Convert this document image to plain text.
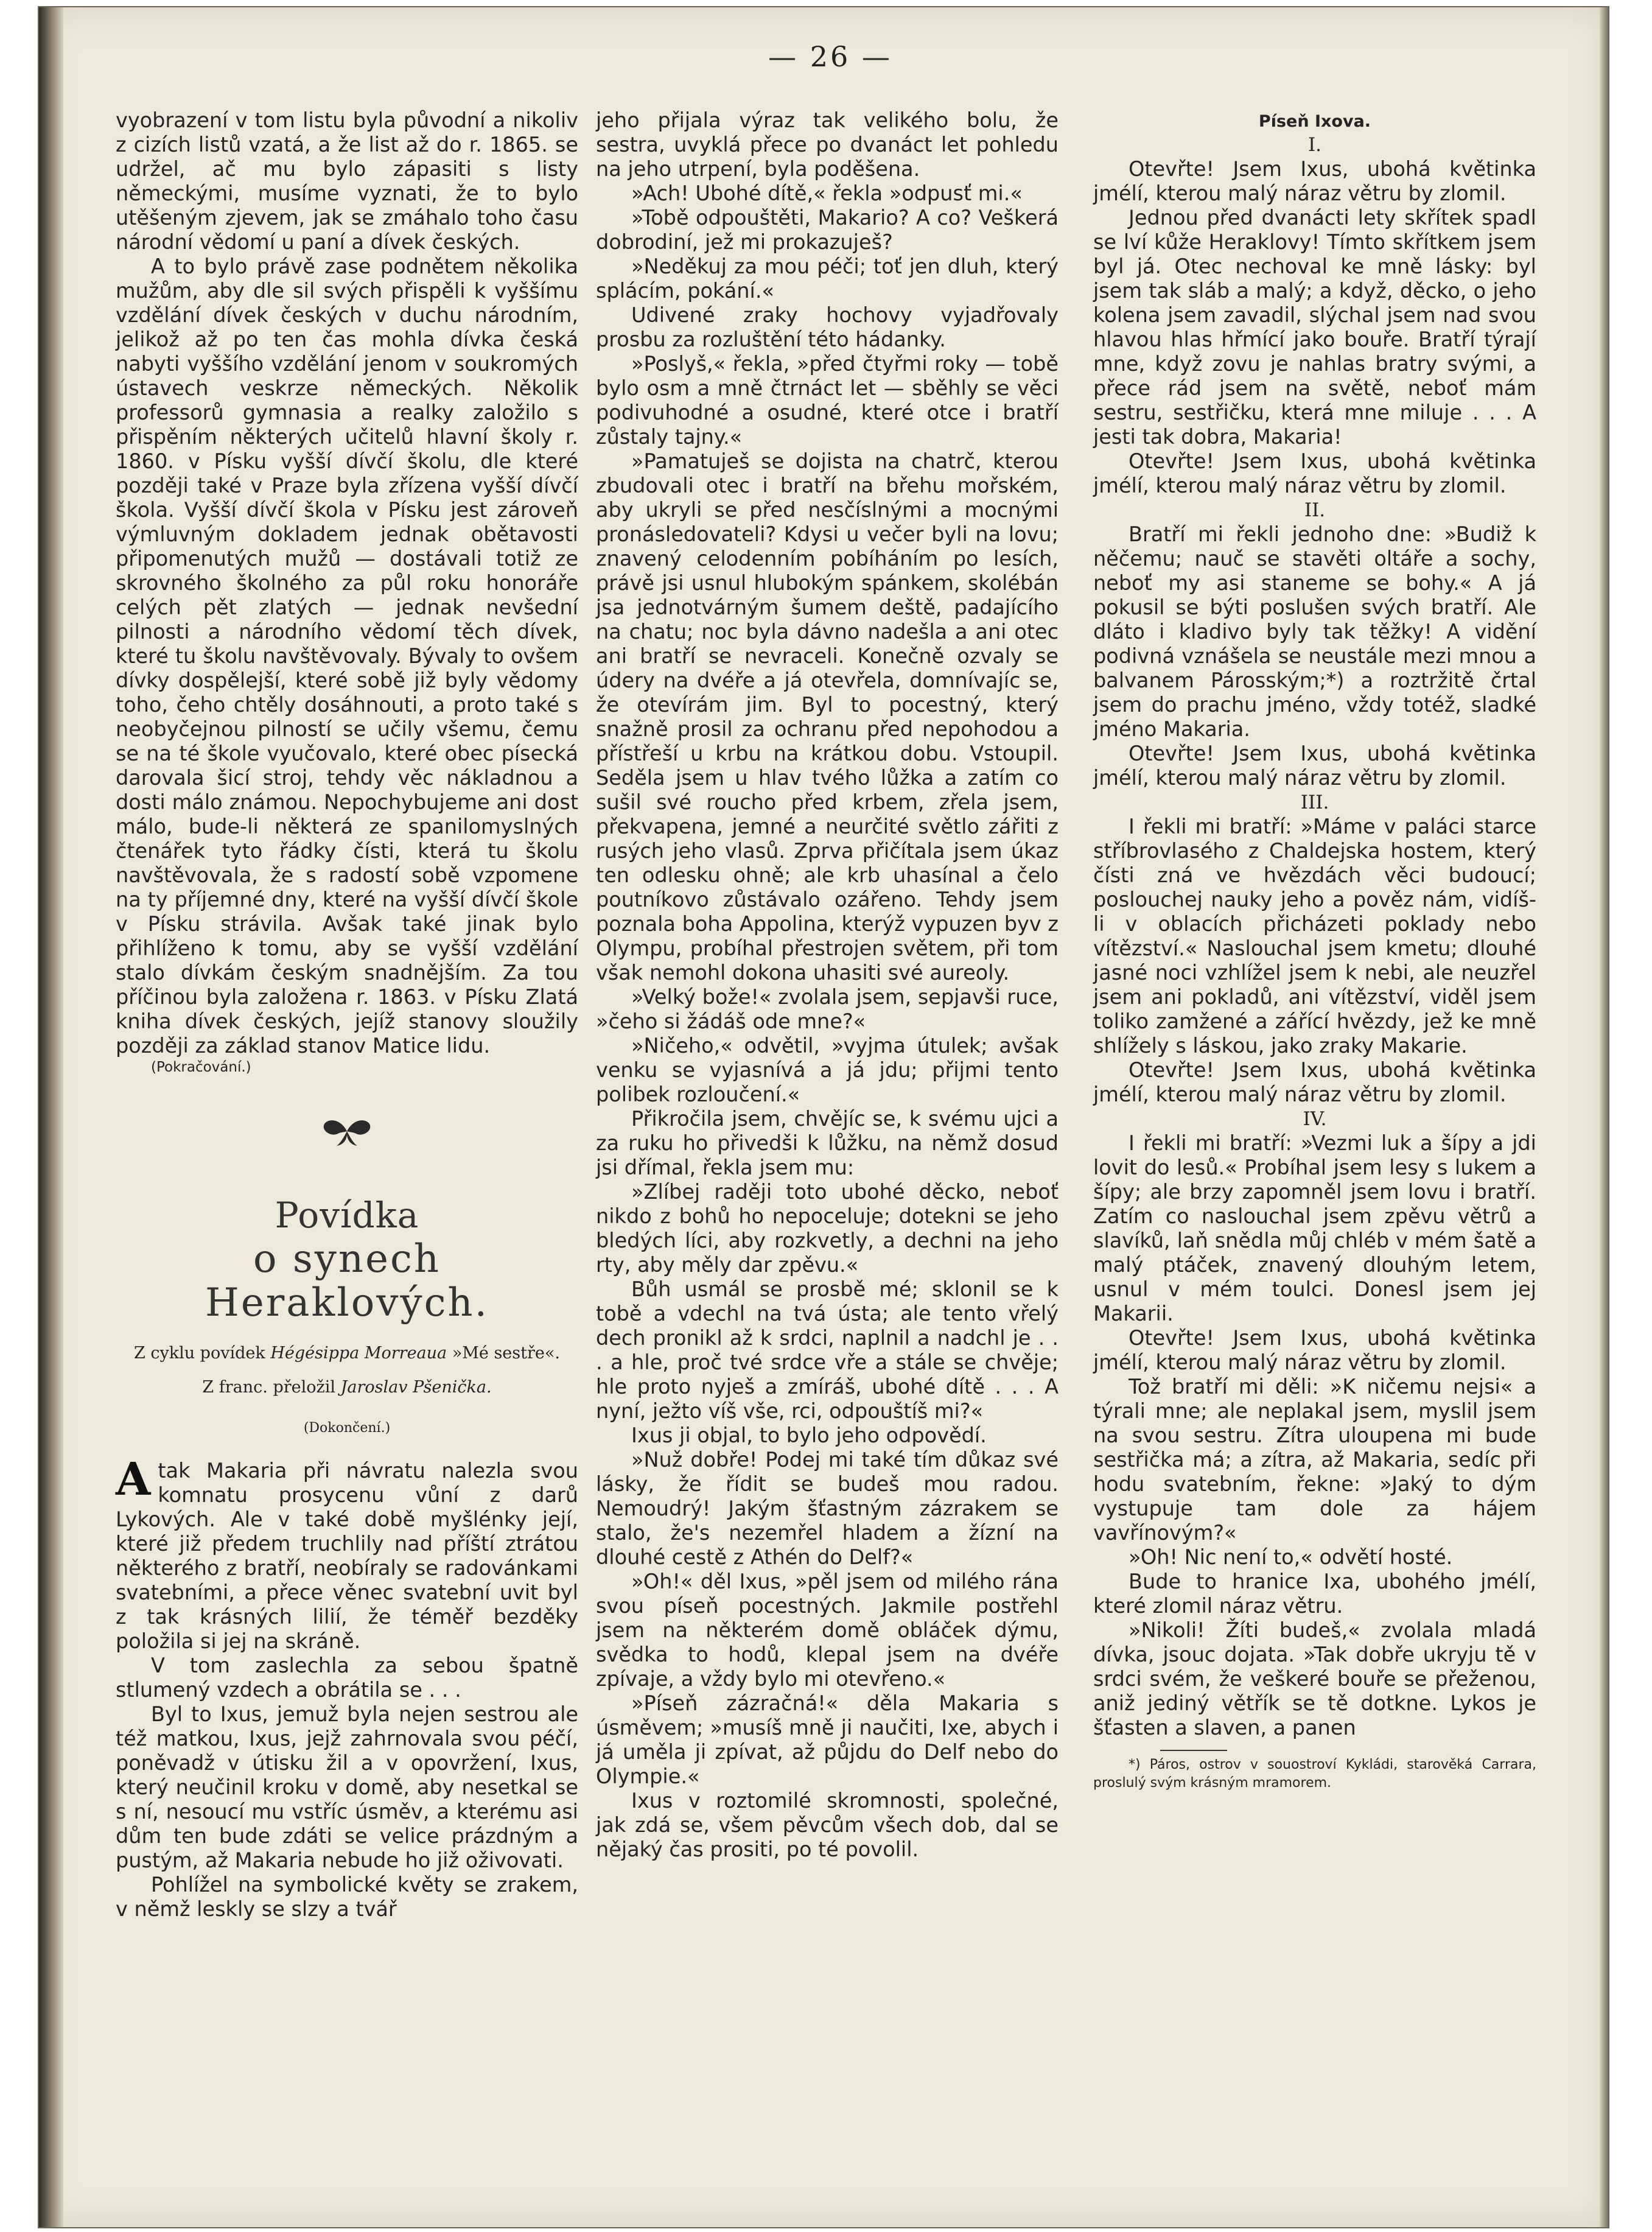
— 26 —

vyobrazení v tom listu byla původní a nikoliv z cizích listů vzatá, a že list až do r. 1865. se udržel, ač mu bylo zápasiti s listy německými, musíme vyznati, že to bylo utěšeným zjevem, jak se zmáhalo toho času národní vědomí u paní a dívek českých.

A to bylo právě zase podnětem několika mužům, aby dle sil svých přispěli k vyššímu vzdělání dívek českých v duchu národním, jelikož až po ten čas mohla dívka česká nabyti vyššího vzdělání jenom v soukromých ústavech veskrze německých. Několik professorů gymnasia a realky založilo s přispěním některých učitelů hlavní školy r. 1860. v Písku vyšší dívčí školu, dle které později také v Praze byla zřízena vyšší dívčí škola. Vyšší dívčí škola v Písku jest zároveň výmluvným dokladem jednak obětavosti připomenutých mužů — dostávali totiž ze skrovného školného za půl roku honoráře celých pět zlatých — jednak nevšední pilnosti a národního vědomí těch dívek, které tu školu navštěvovaly. Bývaly to ovšem dívky dospělejší, které sobě již byly vědomy toho, čeho chtěly dosáhnouti, a proto také s neobyčejnou pilností se učily všemu, čemu se na té škole vyučovalo, které obec písecká darovala šicí stroj, tehdy věc nákladnou a dosti málo známou. Nepochybujeme ani dost málo, bude-li některá ze spanilomyslných čtenářek tyto řádky čísti, která tu školu navštěvovala, že s radostí sobě vzpomene na ty příjemné dny, které na vyšší dívčí škole v Písku strávila. Avšak také jinak bylo přihlíženo k tomu, aby se vyšší vzdělání stalo dívkám českým snadnějším. Za tou příčinou byla založena r. 1863. v Písku Zlatá kniha dívek českých, jejíž stanovy sloužily později za základ stanov Matice lidu.

(Pokračování.)

Povídka
o synech Heraklových.
Z cyklu povídek Hégésippa Morreaua »Mé sestře«.
Z franc. přeložil Jaroslav Pšenička.
(Dokončení.)

Atak Makaria při návratu nalezla svou komnatu prosycenu vůní z darů Lykových. Ale v také době myšlénky její, které již předem truchlily nad příští ztrátou některého z bratří, neobíraly se radovánkami svatebními, a přece věnec svatební uvit byl z tak krásných lilií, že téměř bezděky položila si jej na skráně.

V tom zaslechla za sebou špatně stlumený vzdech a obrátila se . . .

Byl to Ixus, jemuž byla nejen sestrou ale též matkou, Ixus, jejž zahrnovala svou péčí, poněvadž v útisku žil a v opovržení, Ixus, který neučinil kroku v domě, aby nesetkal se s ní, nesoucí mu vstříc úsměv, a kterému asi dům ten bude zdáti se velice prázdným a pustým, až Makaria nebude ho již oživovati.

Pohlížel na symbolické květy se zrakem, v němž leskly se slzy a tvář

jeho přijala výraz tak velikého bolu, že sestra, uvyklá přece po dvanáct let pohledu na jeho utrpení, byla poděšena.

»Ach! Ubohé dítě,« řekla »odpusť mi.«

»Tobě odpouštěti, Makario? A co? Veškerá dobrodiní, jež mi prokazuješ?

»Neděkuj za mou péči; toť jen dluh, který splácím, pokání.«

Udivené zraky hochovy vyjadřovaly prosbu za rozluštění této hádanky.

»Poslyš,« řekla, »před čtyřmi roky — tobě bylo osm a mně čtrnáct let — sběhly se věci podivuhodné a osudné, které otce i bratří zůstaly tajny.«

»Pamatuješ se dojista na chatrč, kterou zbudovali otec i bratří na břehu mořském, aby ukryli se před nesčíslnými a mocnými pronásledovateli? Kdysi u večer byli na lovu; znavený celodenním pobíháním po lesích, právě jsi usnul hlubokým spánkem, skolébán jsa jednotvárným šumem deště, padajícího na chatu; noc byla dávno nadešla a ani otec ani bratří se nevraceli. Konečně ozvaly se údery na dvéře a já otevřela, domnívajíc se, že otevírám jim. Byl to pocestný, který snažně prosil za ochranu před nepohodou a přístřeší u krbu na krátkou dobu. Vstoupil. Seděla jsem u hlav tvého lůžka a zatím co sušil své roucho před krbem, zřela jsem, překvapena, jemné a neurčité světlo zářiti z rusých jeho vlasů. Zprva přičítala jsem úkaz ten odlesku ohně; ale krb uhasínal a čelo poutníkovo zůstávalo ozářeno. Tehdy jsem poznala boha Appolina, kterýž vypuzen byv z Olympu, probíhal přestrojen světem, při tom však nemohl dokona uhasiti své aureoly.

»Velký bože!« zvolala jsem, sepjavši ruce, »čeho si žádáš ode mne?«

»Ničeho,« odvětil, »vyjma útulek; avšak venku se vyjasnívá a já jdu; přijmi tento polibek rozloučení.«

Přikročila jsem, chvějíc se, k svému ujci a za ruku ho přivedši k lůžku, na němž dosud jsi dřímal, řekla jsem mu:

»Zlíbej raději toto ubohé děcko, neboť nikdo z bohů ho nepoceluje; dotekni se jeho bledých líci, aby rozkvetly, a dechni na jeho rty, aby měly dar zpěvu.«

Bůh usmál se prosbě mé; sklonil se k tobě a vdechl na tvá ústa; ale tento vřelý dech pronikl až k srdci, naplnil a nadchl je . . . a hle, proč tvé srdce vře a stále se chvěje; hle proto nyješ a zmíráš, ubohé dítě . . . A nyní, ježto víš vše, rci, odpouštíš mi?«

Ixus ji objal, to bylo jeho odpovědí.

»Nuž dobře! Podej mi také tím důkaz své lásky, že řídit se budeš mou radou. Nemoudrý! Jakým šťastným zázrakem se stalo, že's nezemřel hladem a žízní na dlouhé cestě z Athén do Delf?«

»Oh!« děl Ixus, »pěl jsem od milého rána svou píseň pocestných. Jakmile postřehl jsem na některém domě obláček dýmu, svědka to hodů, klepal jsem na dvéře zpívaje, a vždy bylo mi otevřeno.«

»Píseň zázračná!« děla Makaria s úsměvem; »musíš mně ji naučiti, Ixe, abych i já uměla ji zpívat, až půjdu do Delf nebo do Olympie.«

Ixus v roztomilé skromnosti, společné, jak zdá se, všem pěvcům všech dob, dal se nějaký čas prositi, po té povolil.

Píseň Ixova.
I.

Otevřte! Jsem Ixus, ubohá květinka jmélí, kterou malý náraz větru by zlomil.

Jednou před dvanácti lety skřítek spadl se lví kůže Heraklovy! Tímto skřítkem jsem byl já. Otec nechoval ke mně lásky: byl jsem tak sláb a malý; a když, děcko, o jeho kolena jsem zavadil, slýchal jsem nad svou hlavou hlas hřmící jako bouře. Bratří týrají mne, když zovu je nahlas bratry svými, a přece rád jsem na světě, neboť mám sestru, sestřičku, která mne miluje . . . A jesti tak dobra, Makaria!

Otevřte! Jsem Ixus, ubohá květinka jmélí, kterou malý náraz větru by zlomil.

II.

Bratří mi řekli jednoho dne: »Budiž k něčemu; nauč se stavěti oltáře a sochy, neboť my asi staneme se bohy.« A já pokusil se býti poslušen svých bratří. Ale dláto i kladivo byly tak těžky! A vidění podivná vznášela se neustále mezi mnou a balvanem Párosským;*) a roztržitě črtal jsem do prachu jméno, vždy totéž, sladké jméno Makaria.

Otevřte! Jsem Ixus, ubohá květinka jmélí, kterou malý náraz větru by zlomil.

III.

I řekli mi bratří: »Máme v paláci starce stříbrovlasého z Chaldejska hostem, který čísti zná ve hvězdách věci budoucí; poslouchej nauky jeho a pověz nám, vidíš-li v oblacích přicházeti poklady nebo vítězství.« Naslouchal jsem kmetu; dlouhé jasné noci vzhlížel jsem k nebi, ale neuzřel jsem ani pokladů, ani vítězství, viděl jsem toliko zamžené a zářící hvězdy, jež ke mně shlížely s láskou, jako zraky Makarie.

Otevřte! Jsem Ixus, ubohá květinka jmélí, kterou malý náraz větru by zlomil.

IV.

I řekli mi bratří: »Vezmi luk a šípy a jdi lovit do lesů.« Probíhal jsem lesy s lukem a šípy; ale brzy zapomněl jsem lovu i bratří. Zatím co naslouchal jsem zpěvu větrů a slavíků, laň snědla můj chléb v mém šatě a malý ptáček, znavený dlouhým letem, usnul v mém toulci. Donesl jsem jej Makarii.

Otevřte! Jsem Ixus, ubohá květinka jmélí, kterou malý náraz větru by zlomil.

Tož bratří mi děli: »K ničemu nejsi« a týrali mne; ale neplakal jsem, myslil jsem na svou sestru. Zítra uloupena mi bude sestřička má; a zítra, až Makaria, sedíc při hodu svatebním, řekne: »Jaký to dým vystupuje tam dole za hájem vavřínovým?«

»Oh! Nic není to,« odvětí hosté.

Bude to hranice Ixa, ubohého jmélí, které zlomil náraz větru.

»Nikoli! Žíti budeš,« zvolala mladá dívka, jsouc dojata. »Tak dobře ukryju tě v srdci svém, že veškeré bouře se přeženou, aniž jediný větřík se tě dotkne. Lykos je šťasten a slaven, a panen

*) Páros, ostrov v souostroví Kykládi, starověká Carrara, proslulý svým krásným mramorem.
